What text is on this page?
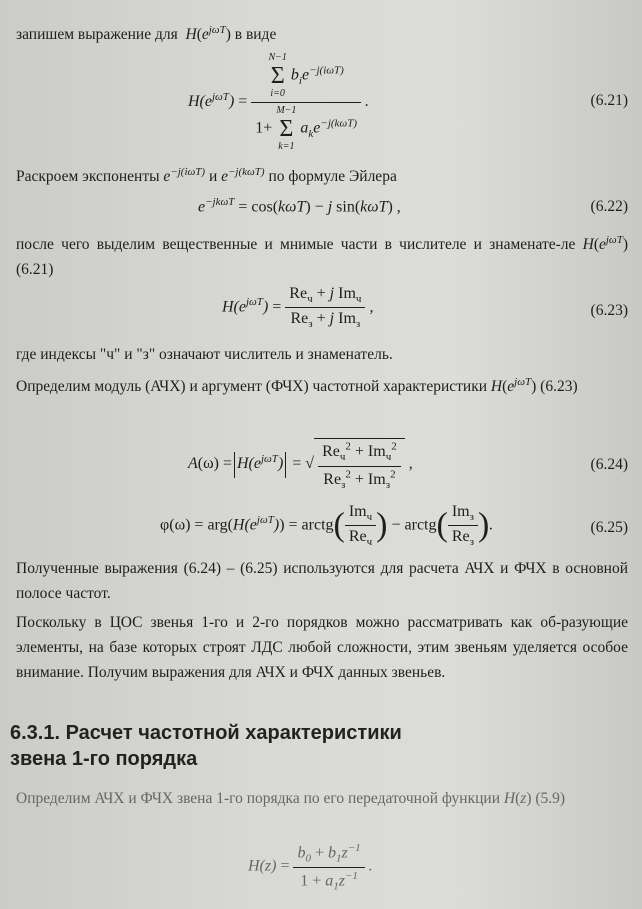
запишем выражение для  $H(e^{j\omega T})$ в виде
$H(e^{j\omega T}) = N-1$
Σ
i=0
$b_ie^{-j(i\omega T)}$
1+
M−1
Σ
k=1
$a_ke^{-j(k\omega T)}$ .	(6.21)
Раскроем экспоненты $e^{-j(i\omega T)}$ и $e^{-j(k\omega T)}$ по формуле Эйлера
$e^{-jk\omega T} = \cos(k\omega T) - j$ sin(kωT) ,	(6.22)
после чего выделим вещественные и мнимые части в числителе и знаменате-ле $H(e^{j\omega T})$ (6.21)
$H(e^{j\omega T}) = \frac{Re_ч + j Im_ч}{Re_з + j Im_з}$ ,	(6.23)
где индексы "ч" и "з" означают числитель и знаменатель.
Определим модуль (АЧХ) и аргумент (ФЧХ) частотной характеристики $H(e^{j\omega T})$ (6.23)
$A(\omega) = H(e^{j\omega T})$ = √ $\frac{Re_ч^2 + Im_ч^2}{Re_з^2 + Im_з^2}$ ,	(6.24)
$\varphi(\omega) = arg(H(e^{j\omega T}))$ = arctg( $\frac{Im_ч}{Re_ч}$ ) − arctg( $\frac{Im_з}{Re_з}$ ).	(6.25)
Полученные выражения (6.24) – (6.25) используются для расчета АЧХ и ФЧХ в основной полосе частот.
Поскольку в ЦОС звенья 1-го и 2-го порядков можно рассматривать как об-разующие элементы, на базе которых строят ЛДС любой сложности, этим звеньям уделяется особое внимание. Получим выражения для АЧХ и ФЧХ данных звеньев.
6.3.1. Расчет частотной характеристики
звена 1-го порядка
Определим АЧХ и ФЧХ звена 1-го порядка по его передаточной функции H(z) (5.9)
$H(z) = \frac{b_0 + b_1z^{-1}}{1 + a_1z^{-1}}$ .
